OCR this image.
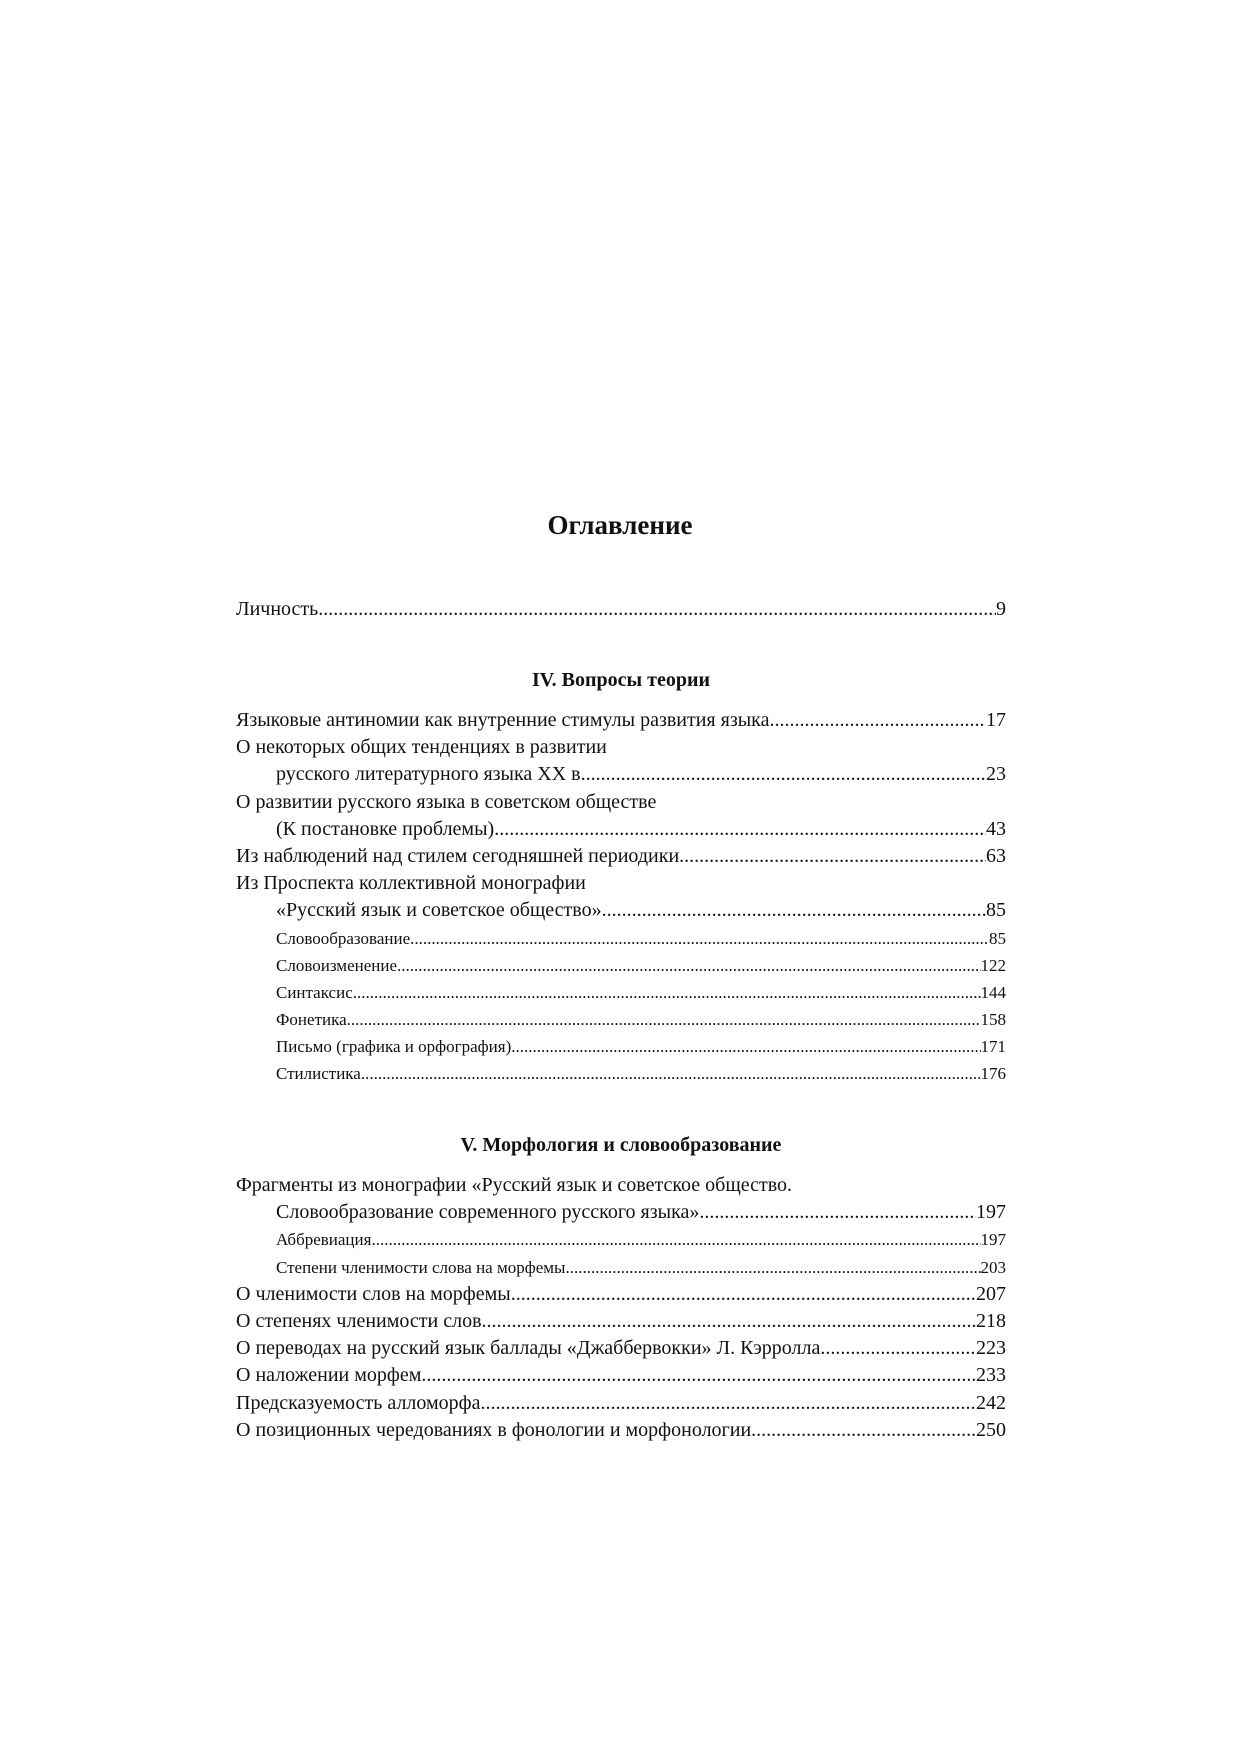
Оглавление
Личность .....	9
IV. Вопросы теории
Языковые антиномии как внутренние стимулы развития языка .....	17
О некоторых общих тенденциях в развитии
русского литературного языка XX в. .....	23
О развитии русского языка в советском обществе
(К постановке проблемы) .....	43
Из наблюдений над стилем сегодняшней периодики .....	63
Из Проспекта коллективной монографии
«Русский язык и советское общество» .....	85
Словообразование .....	85
Словоизменение .....	122
Синтаксис .....	144
Фонетика .....	158
Письмо (графика и орфография) .....	171
Стилистика .....	176
V. Морфология и словообразование
Фрагменты из монографии «Русский язык и советское общество.
Словообразование современного русского языка» .....	197
Аббревиация .....	197
Степени членимости слова на морфемы .....	203
О членимости слов на морфемы .....	207
О степенях членимости слов .....	218
О переводах на русский язык баллады «Джаббервокки» Л. Кэрролла .....	223
О наложении морфем .....	233
Предсказуемость алломорфа .....	242
О позиционных чередованиях в фонологии и морфонологии .....	250
